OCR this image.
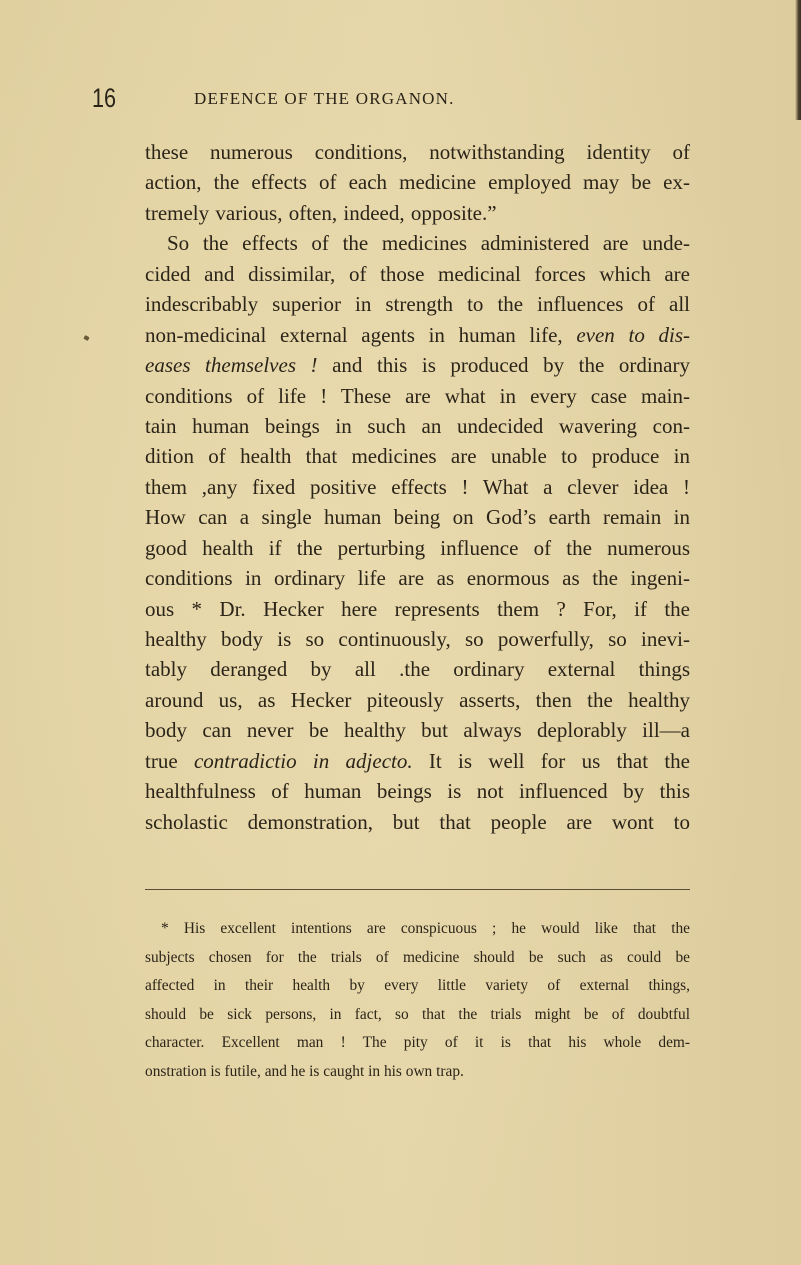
16	DEFENCE OF THE ORGANON.
these numerous conditions, notwithstanding identity of
action, the effects of each medicine employed may be ex-
tremely various, often, indeed, opposite.”
So the effects of the medicines administered are unde-
cided and dissimilar, of those medicinal forces which are
indescribably superior in strength to the influences of all
non-medicinal external agents in human life, even to dis-
eases themselves ! and this is produced by the ordinary
conditions of life ! These are what in every case main-
tain human beings in such an undecided wavering con-
dition of health that medicines are unable to produce in
them ,any fixed positive effects ! What a clever idea !
How can a single human being on God’s earth remain in
good health if the perturbing influence of the numerous
conditions in ordinary life are as enormous as the ingeni-
ous * Dr. Hecker here represents them ? For, if the
healthy body is so continuously, so powerfully, so inevi-
tably deranged by all .the ordinary external things
around us, as Hecker piteously asserts, then the healthy
body can never be healthy but always deplorably ill—a
true contradictio in adjecto. It is well for us that the
healthfulness of human beings is not influenced by this
scholastic demonstration, but that people are wont to
* His excellent intentions are conspicuous ; he would like that the
subjects chosen for the trials of medicine should be such as could be
affected in their health by every little variety of external things,
should be sick persons, in fact, so that the trials might be of doubtful
character. Excellent man ! The pity of it is that his whole dem-
onstration is futile, and he is caught in his own trap.
